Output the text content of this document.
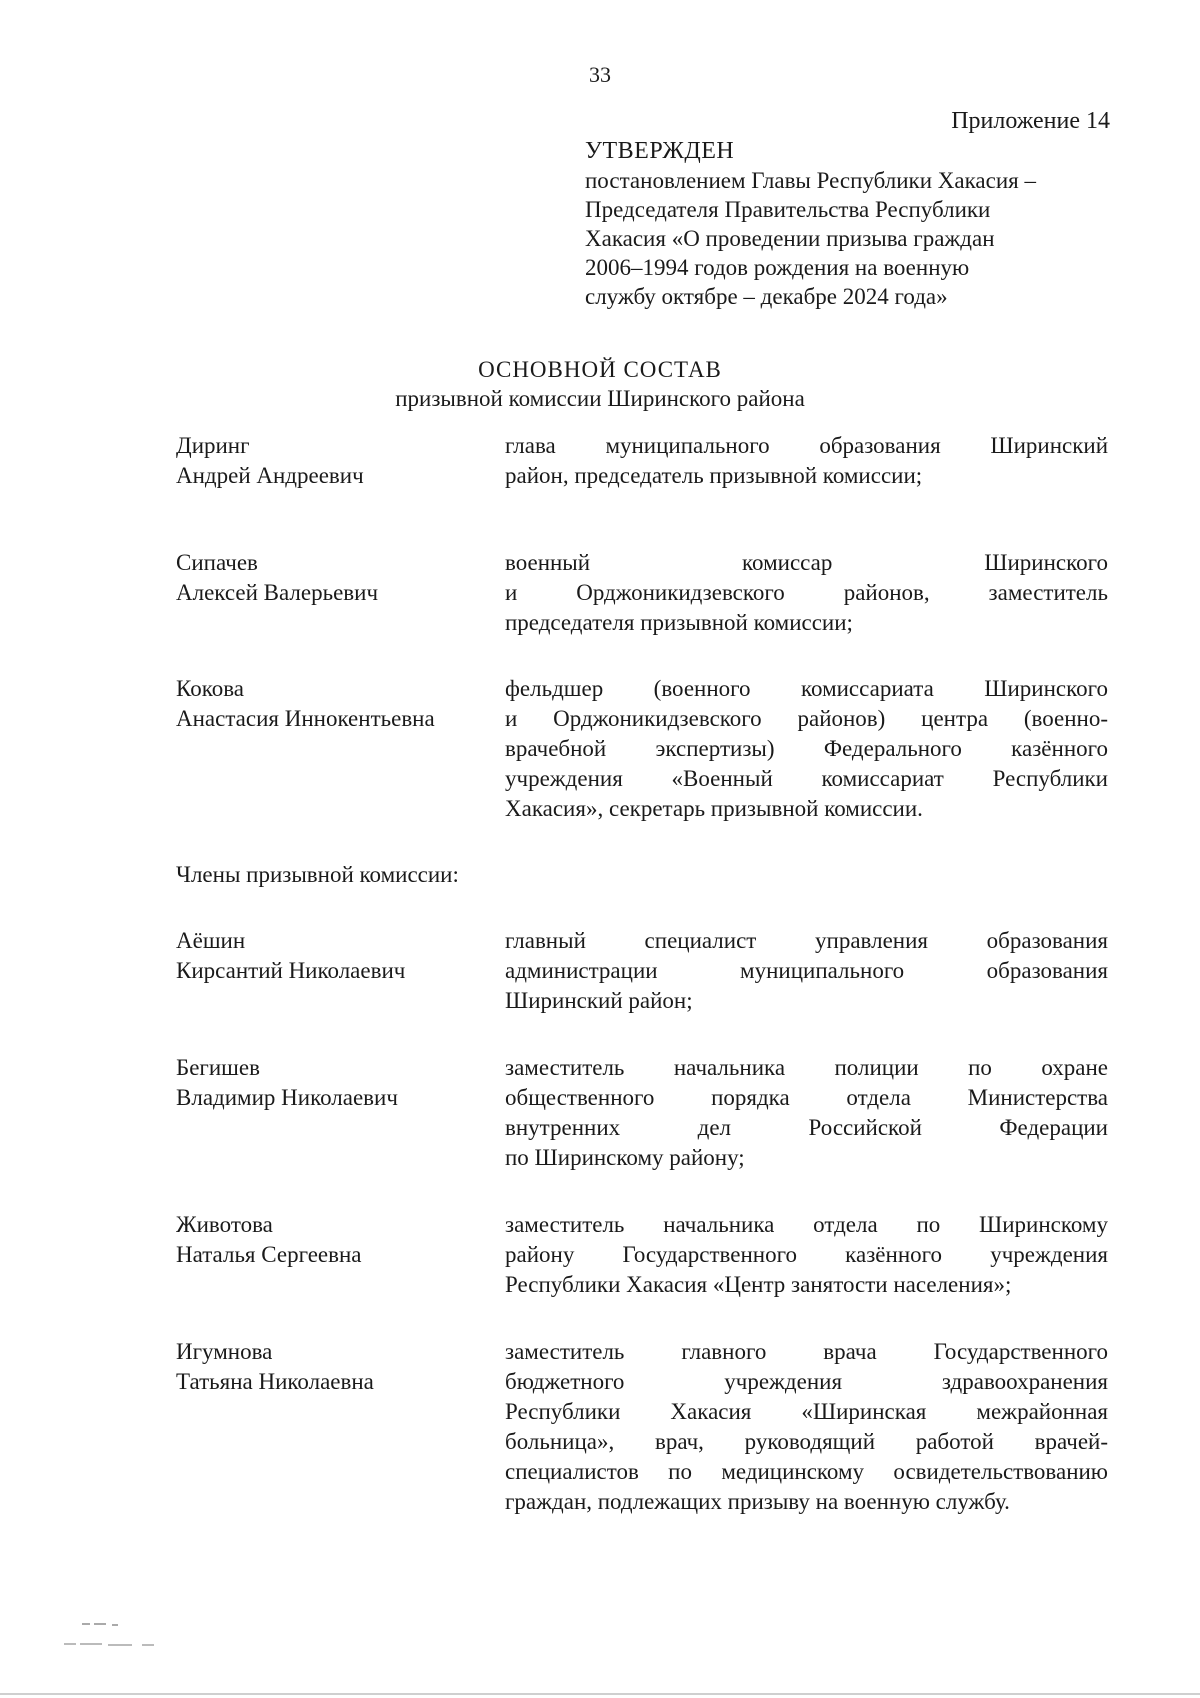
33
Приложение 14
УТВЕРЖДЕН
постановлением Главы Республики Хакасия –
Председателя Правительства Республики
Хакасия «О проведении призыва граждан
2006–1994 годов рождения на военную
службу октябре – декабре 2024 года»
ОСНОВНОЙ СОСТАВ
призывной комиссии Ширинского района
Диринг
Андрей Андреевич
глава муниципального образования Ширинский
район, председатель призывной комиссии;
Сипачев
Алексей Валерьевич
военный комиссар Ширинского
и Орджоникидзевского районов, заместитель
председателя призывной комиссии;
Кокова
Анастасия Иннокентьевна
фельдшер (военного комиссариата Ширинского
и Орджоникидзевского районов) центра (военно-
врачебной экспертизы) Федерального казённого
учреждения «Военный комиссариат Республики
Хакасия», секретарь призывной комиссии.
Члены призывной комиссии:
Аёшин
Кирсантий Николаевич
главный специалист управления образования
администрации муниципального образования
Ширинский район;
Бегишев
Владимир Николаевич
заместитель начальника полиции по охране
общественного порядка отдела Министерства
внутренних дел Российской Федерации
по Ширинскому району;
Животова
Наталья Сергеевна
заместитель начальника отдела по Ширинскому
району Государственного казённого учреждения
Республики Хакасия «Центр занятости населения»;
Игумнова
Татьяна Николаевна
заместитель главного врача Государственного
бюджетного учреждения здравоохранения
Республики Хакасия «Ширинская межрайонная
больница», врач, руководящий работой врачей-
специалистов по медицинскому освидетельствованию
граждан, подлежащих призыву на военную службу.
